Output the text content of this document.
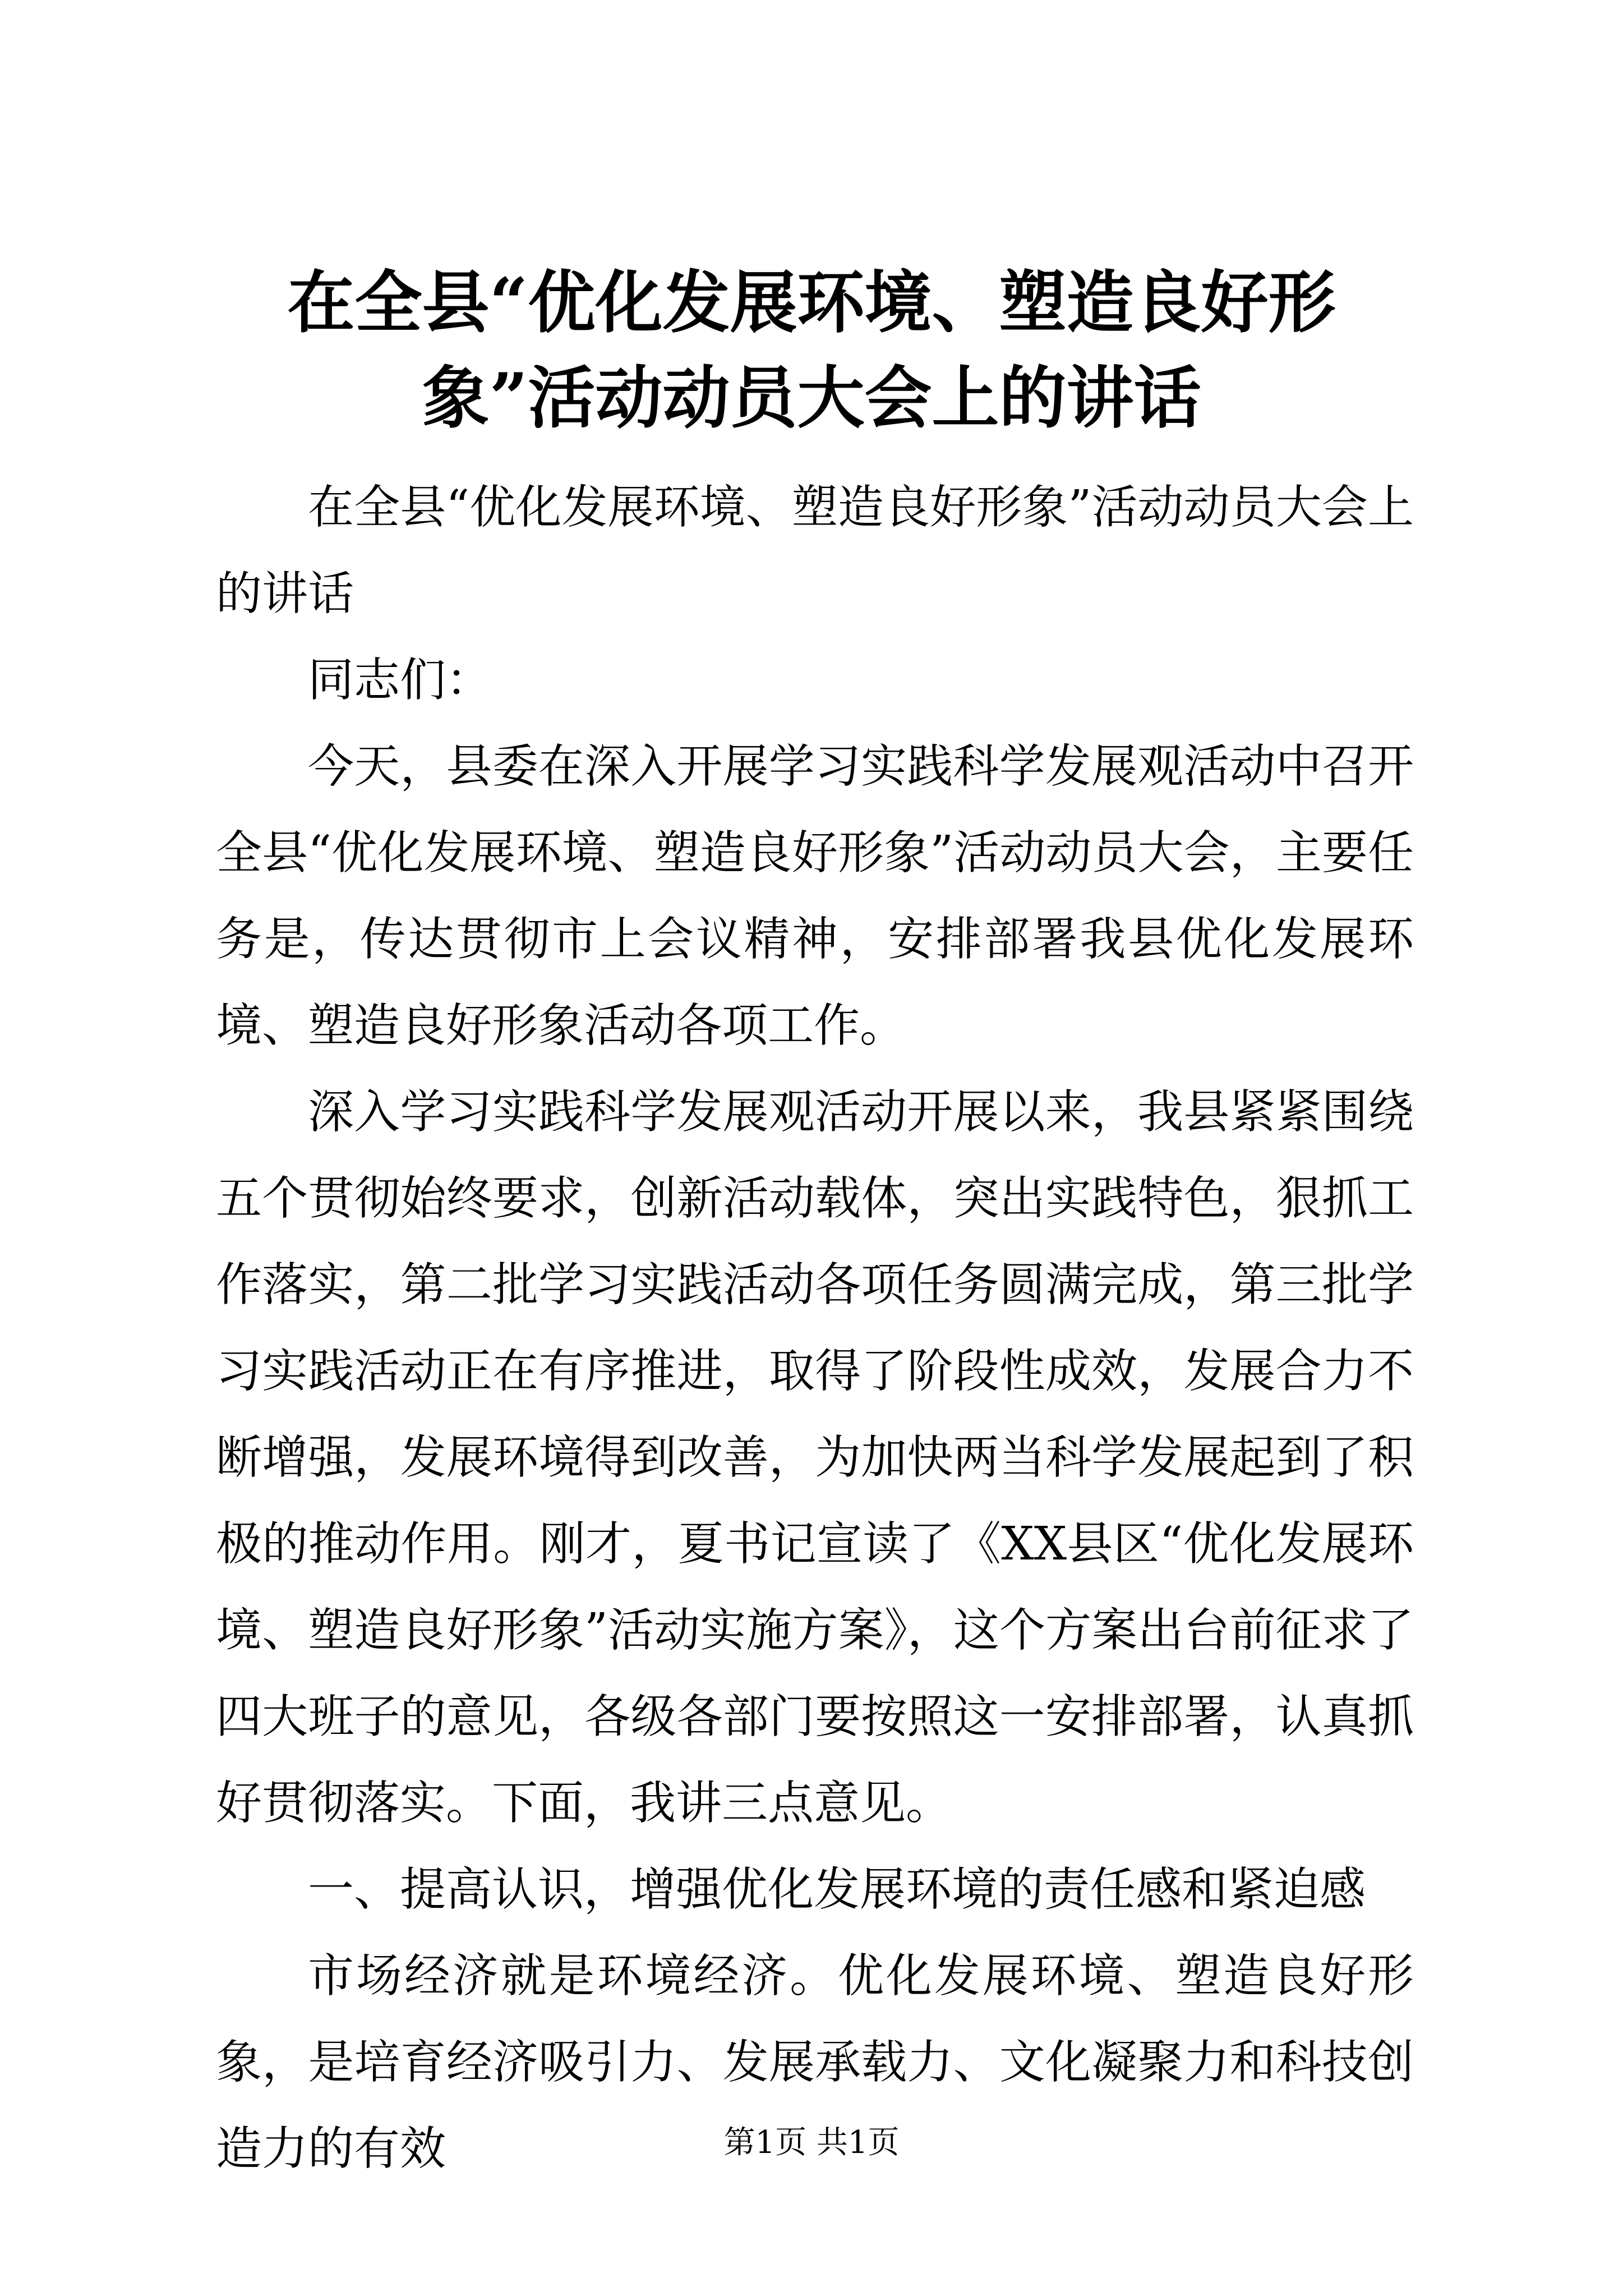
在全县“优化发展环境、塑造良好形象”活动动员大会上的讲话

在全县“优化发展环境、塑造良好形象”活动动员大会上的讲话

同志们：

今天，县委在深入开展学习实践科学发展观活动中召开全县“优化发展环境、塑造良好形象”活动动员大会，主要任务是，传达贯彻市上会议精神，安排部署我县优化发展环境、塑造良好形象活动各项工作。

深入学习实践科学发展观活动开展以来，我县紧紧围绕五个贯彻始终要求，创新活动载体，突出实践特色，狠抓工作落实，第二批学习实践活动各项任务圆满完成，第三批学习实践活动正在有序推进，取得了阶段性成效，发展合力不断增强，发展环境得到改善，为加快两当科学发展起到了积极的推动作用。刚才，夏书记宣读了《XX县区“优化发展环境、塑造良好形象”活动实施方案》，这个方案出台前征求了四大班子的意见，各级各部门要按照这一安排部署，认真抓好贯彻落实。下面，我讲三点意见。

一、提高认识，增强优化发展环境的责任感和紧迫感

市场经济就是环境经济。优化发展环境、塑造良好形象，是培育经济吸引力、发展承载力、文化凝聚力和科技创造力的有效	第1页 共1页
